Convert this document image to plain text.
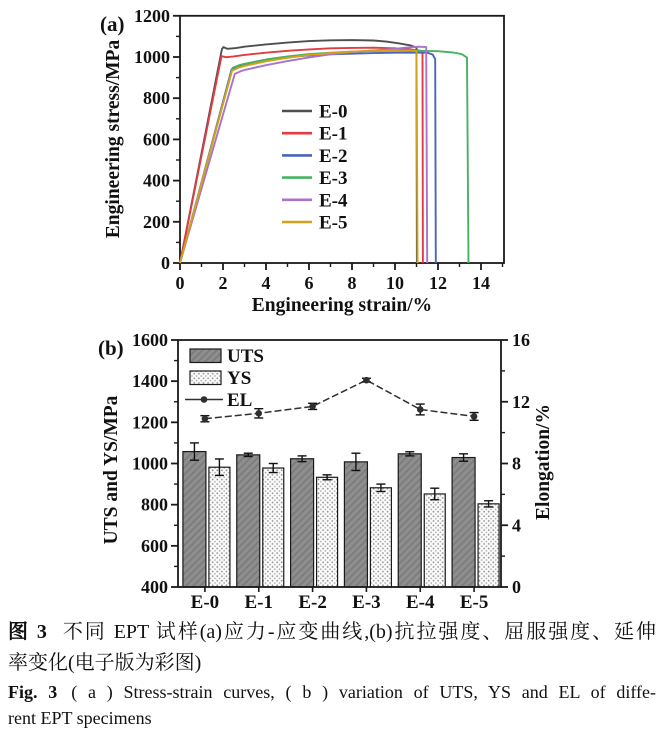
0
200
400
600
800
1000
1200
0 2 4 6 8 10 12 14
E-0
E-1
E-2
E-3
E-4
E-5
Engineering stress/MPa
Engineering strain/%
(a)
400
600
800
1000
1200
1400
1600
0
4
8
12
16
E-0 E-1 E-2 E-3 E-4 E-5
UTS
YS
EL
UTS and YS/MPa	Elongation/%
(b)
图 3 不同 EPT 试样(a)应力-应变曲线,(b)抗拉强度、屈服强度、延伸
率变化(电子版为彩图)
Fig. 3 ( a ) Stress-strain curves, ( b ) variation of UTS, YS and EL of diffe-
rent EPT specimens
